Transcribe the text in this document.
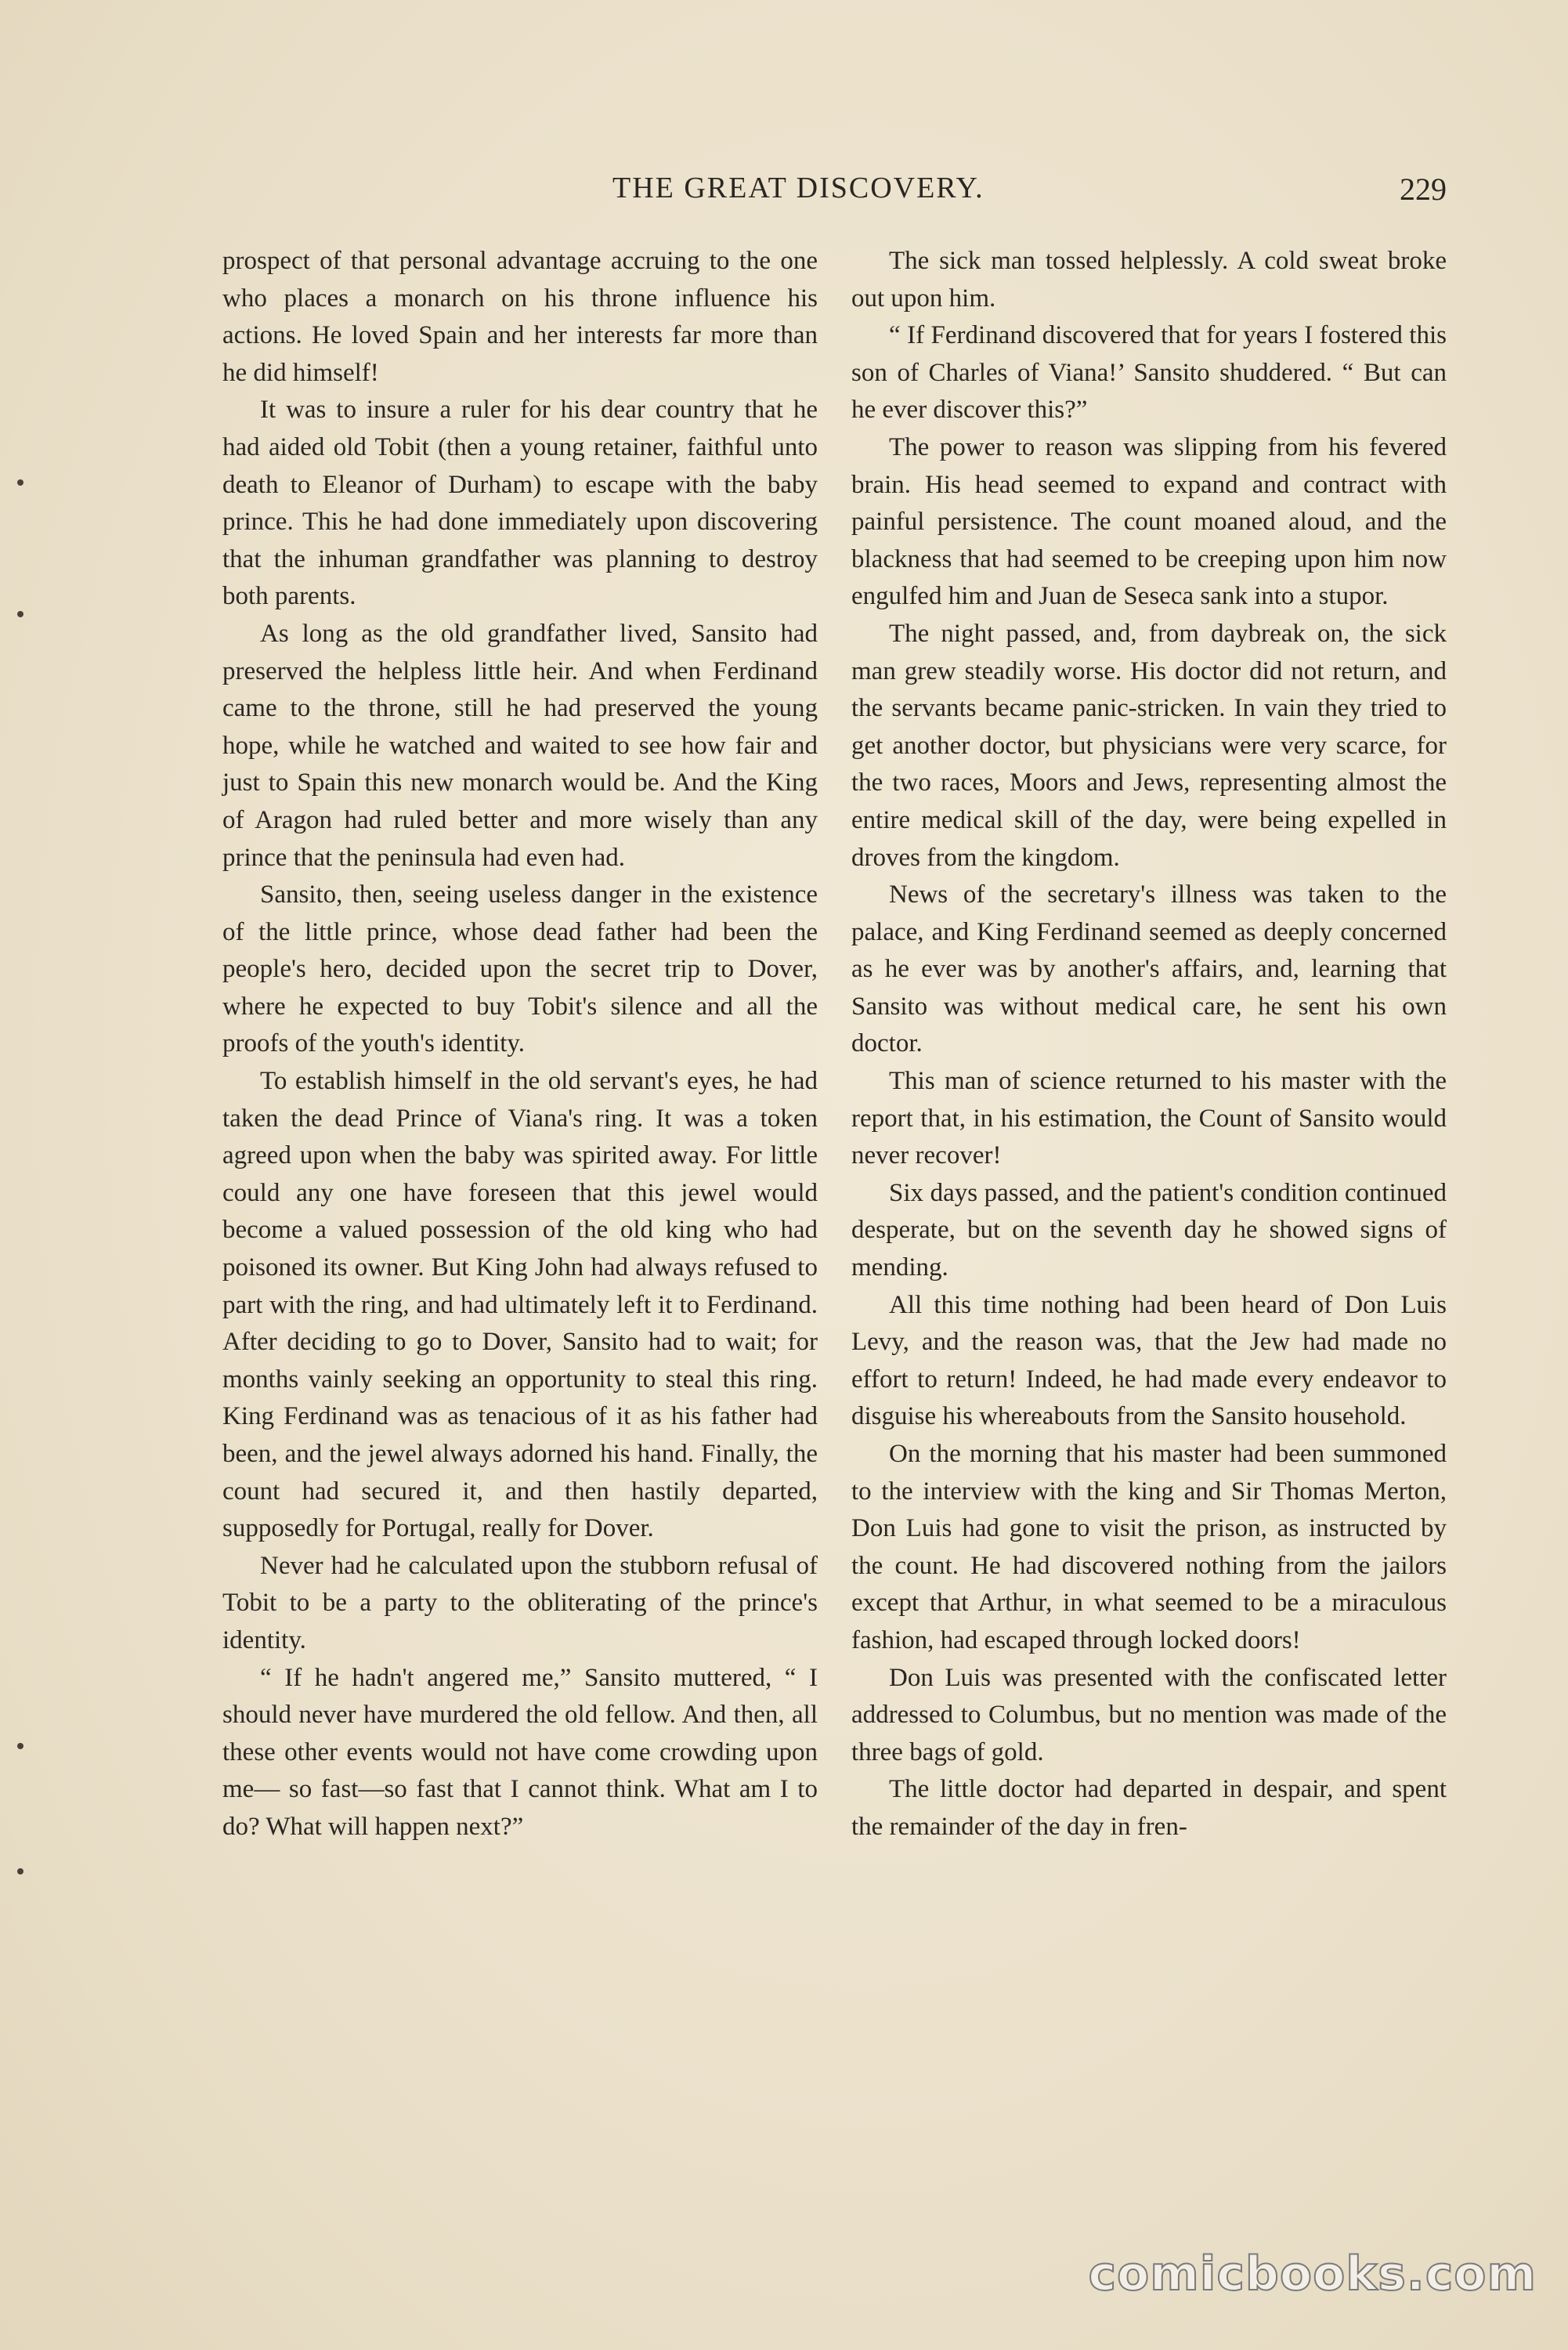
THE GREAT DISCOVERY.	229

prospect of that personal advantage accruing to the one who places a monarch on his throne influence his actions. He loved Spain and her interests far more than he did himself!

It was to insure a ruler for his dear country that he had aided old Tobit (then a young retainer, faithful unto death to Eleanor of Durham) to escape with the baby prince. This he had done immediately upon discovering that the inhuman grandfather was planning to destroy both parents.

As long as the old grandfather lived, Sansito had preserved the helpless little heir. And when Ferdinand came to the throne, still he had preserved the young hope, while he watched and waited to see how fair and just to Spain this new monarch would be. And the King of Aragon had ruled better and more wisely than any prince that the peninsula had even had.

Sansito, then, seeing useless danger in the existence of the little prince, whose dead father had been the people's hero, decided upon the secret trip to Dover, where he expected to buy Tobit's silence and all the proofs of the youth's identity.

To establish himself in the old servant's eyes, he had taken the dead Prince of Viana's ring. It was a token agreed upon when the baby was spirited away. For little could any one have foreseen that this jewel would become a valued possession of the old king who had poisoned its owner. But King John had always refused to part with the ring, and had ultimately left it to Ferdinand. After deciding to go to Dover, Sansito had to wait; for months vainly seeking an opportunity to steal this ring. King Ferdinand was as tenacious of it as his father had been, and the jewel always adorned his hand. Finally, the count had secured it, and then hastily departed, supposedly for Portugal, really for Dover.

Never had he calculated upon the stubborn refusal of Tobit to be a party to the obliterating of the prince's identity.

“ If he hadn't angered me,” Sansito muttered, “ I should never have murdered the old fellow. And then, all these other events would not have come crowding upon me— so fast—so fast that I cannot think. What am I to do? What will happen next?”

The sick man tossed helplessly. A cold sweat broke out upon him.

“ If Ferdinand discovered that for years I fostered this son of Charles of Viana!’ Sansito shuddered. “ But can he ever discover this?”

The power to reason was slipping from his fevered brain. His head seemed to expand and contract with painful persistence. The count moaned aloud, and the blackness that had seemed to be creeping upon him now engulfed him and Juan de Seseca sank into a stupor.

The night passed, and, from daybreak on, the sick man grew steadily worse. His doctor did not return, and the servants became panic-stricken. In vain they tried to get another doctor, but physicians were very scarce, for the two races, Moors and Jews, representing almost the entire medical skill of the day, were being expelled in droves from the kingdom.

News of the secretary's illness was taken to the palace, and King Ferdinand seemed as deeply concerned as he ever was by another's affairs, and, learning that Sansito was without medical care, he sent his own doctor.

This man of science returned to his master with the report that, in his estimation, the Count of Sansito would never recover!

Six days passed, and the patient's condition continued desperate, but on the seventh day he showed signs of mending.

All this time nothing had been heard of Don Luis Levy, and the reason was, that the Jew had made no effort to return! Indeed, he had made every endeavor to disguise his whereabouts from the Sansito household.

On the morning that his master had been summoned to the interview with the king and Sir Thomas Merton, Don Luis had gone to visit the prison, as instructed by the count. He had discovered nothing from the jailors except that Arthur, in what seemed to be a miraculous fashion, had escaped through locked doors!

Don Luis was presented with the confiscated letter addressed to Columbus, but no mention was made of the three bags of gold.

The little doctor had departed in despair, and spent the remainder of the day in fren-

comicbooks.com
